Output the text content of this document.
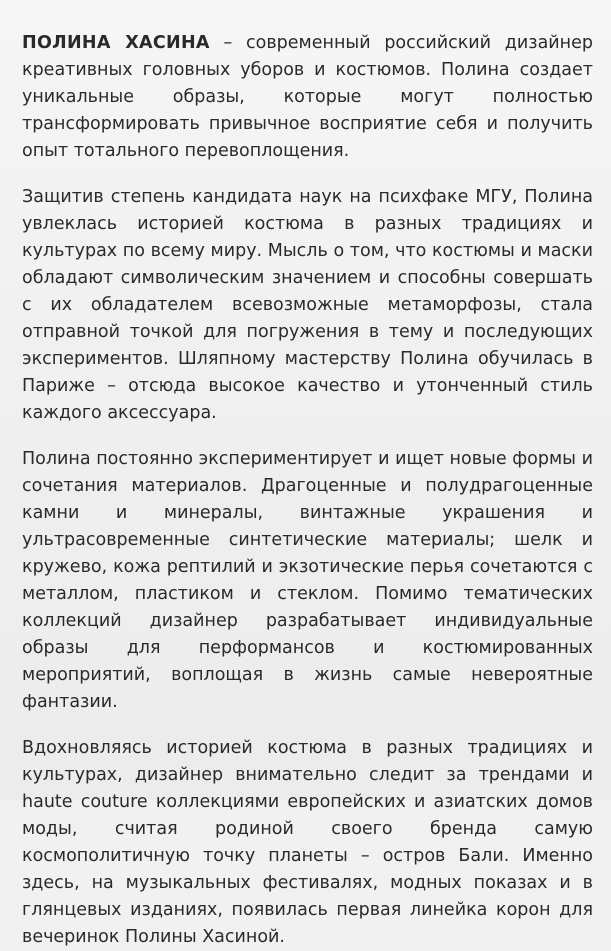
ПОЛИНА ХАСИНА – современный российский дизайнер креативных головных уборов и костюмов. Полина создает уникальные образы, которые могут полностью трансформировать привычное восприятие себя и получить опыт тотального перевоплощения.

Защитив степень кандидата наук на психфаке МГУ, Полина увлеклась историей костюма в разных традициях и культурах по всему миру. Мысль о том, что костюмы и маски обладают символическим значением и способны совершать с их обладателем всевозможные метаморфозы, стала отправной точкой для погружения в тему и последующих экспериментов. Шляпному мастерству Полина обучилась в Париже – отсюда высокое качество и утонченный стиль каждого аксессуара.

Полина постоянно экспериментирует и ищет новые формы и сочетания материалов. Драгоценные и полудрагоценные камни и минералы, винтажные украшения и ультрасовременные синтетические материалы; шелк и кружево, кожа рептилий и экзотические перья сочетаются с металлом, пластиком и стеклом. Помимо тематических коллекций дизайнер разрабатывает индивидуальные образы для перформансов и костюмированных мероприятий, воплощая в жизнь самые невероятные фантазии.

Вдохновляясь историей костюма в разных традициях и культурах, дизайнер внимательно следит за трендами и haute couture коллекциями европейских и азиатских домов моды, считая родиной своего бренда самую космополитичную точку планеты – остров Бали. Именно здесь, на музыкальных фестивалях, модных показах и в глянцевых изданиях, появилась первая линейка корон для вечеринок Полины Хасиной.
